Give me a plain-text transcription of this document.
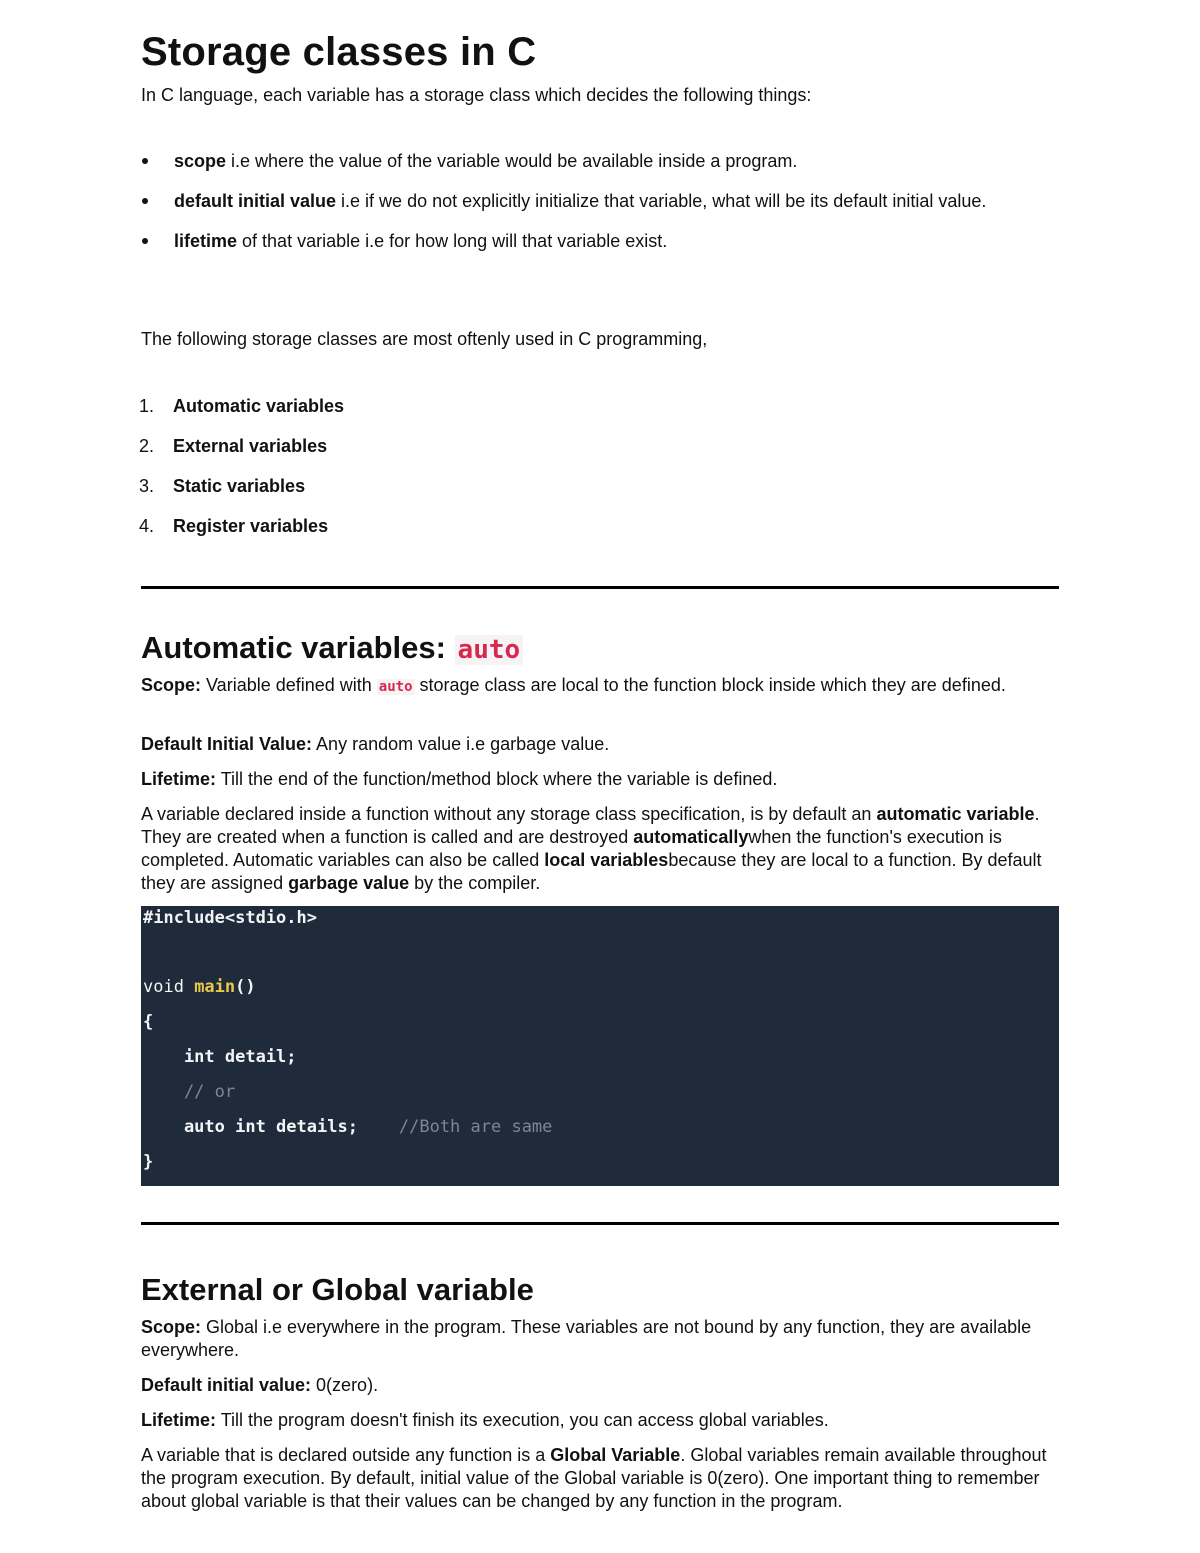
Storage classes in C

In C language, each variable has a storage class which decides the following things:

scope i.e where the value of the variable would be available inside a program.
default initial value i.e if we do not explicitly initialize that variable, what will be its default initial value.
lifetime of that variable i.e for how long will that variable exist.

The following storage classes are most oftenly used in C programming,

1. Automatic variables
2. External variables
3. Static variables
4. Register variables
Automatic variables: auto

Scope: Variable defined with auto storage class are local to the function block inside which they are defined.

Default Initial Value: Any random value i.e garbage value.

Lifetime: Till the end of the function/method block where the variable is defined.

A variable declared inside a function without any storage class specification, is by default an automatic variable. They are created when a function is called and are destroyed automaticallywhen the function's execution is completed. Automatic variables can also be called local variablesbecause they are local to a function. By default they are assigned garbage value by the compiler.

#include<stdio.h>
void main()
{
int detail;
// or
auto int details;    //Both are same
}
External or Global variable

Scope: Global i.e everywhere in the program. These variables are not bound by any function, they are available everywhere.

Default initial value: 0(zero).

Lifetime: Till the program doesn't finish its execution, you can access global variables.

A variable that is declared outside any function is a Global Variable. Global variables remain available throughout the program execution. By default, initial value of the Global variable is 0(zero). One important thing to remember about global variable is that their values can be changed by any function in the program.
